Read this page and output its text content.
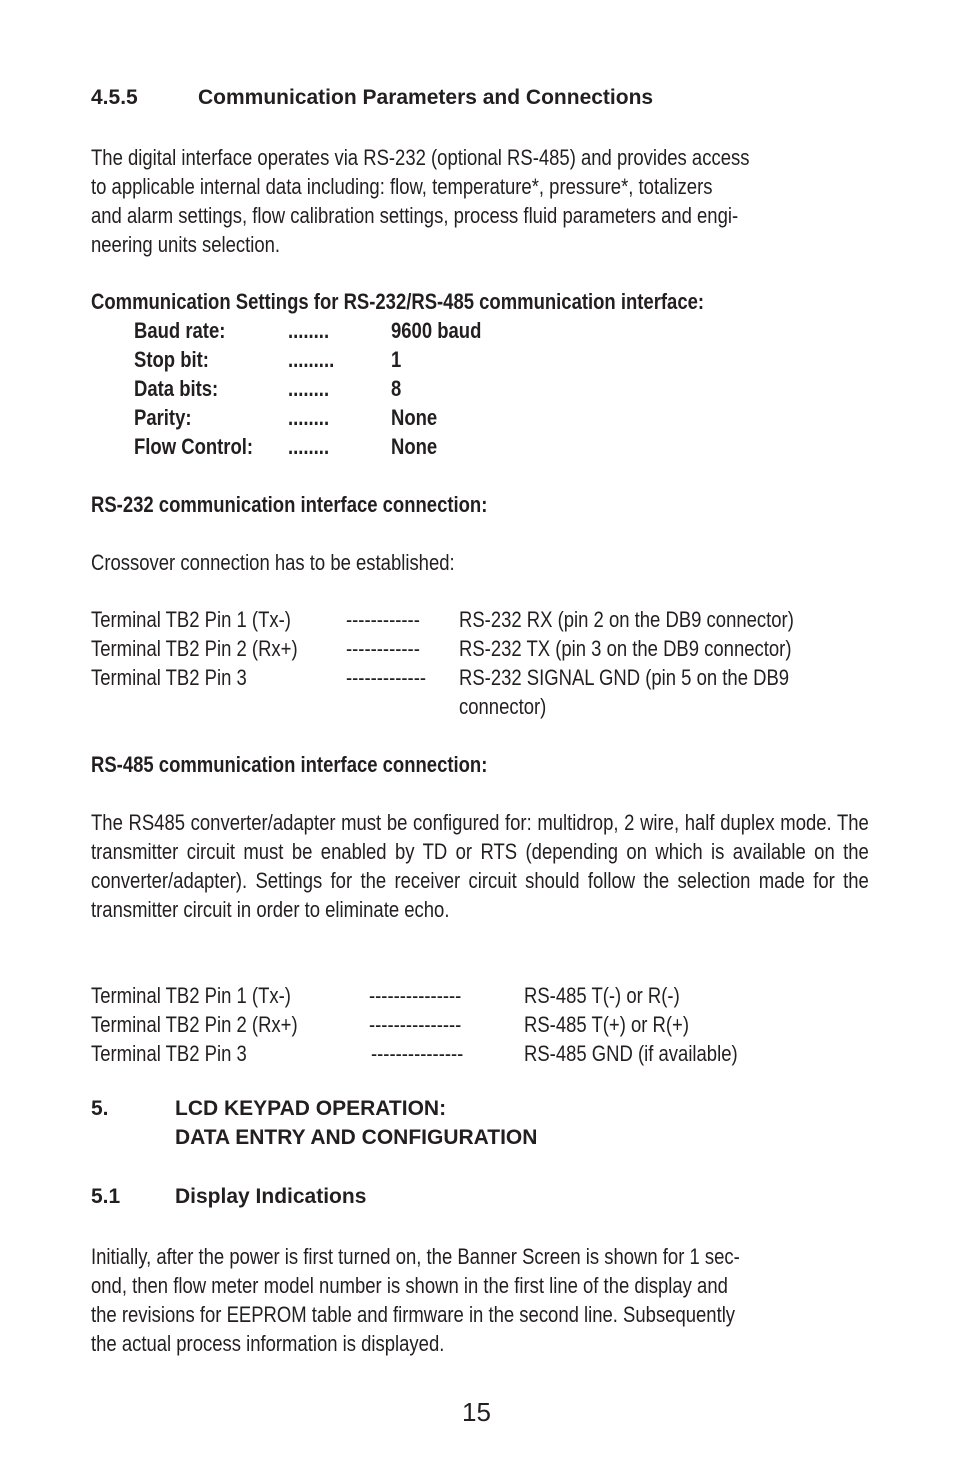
4.5.5	Communication Parameters and Connections
The digital interface operates via RS-232 (optional RS-485) and provides access
to applicable internal data including: flow, temperature*, pressure*, totalizers
and alarm settings, flow calibration settings, process fluid parameters and engi-
neering units selection.
Communication Settings for RS-232/RS-485 communication interface:
Baud rate:	........	9600 baud
Stop bit:	.........	1
Data bits:	........	8
Parity:	........	None
Flow Control: ........	None
RS-232 communication interface connection:
Crossover connection has to be established:
Terminal TB2 Pin 1 (Tx-)	------------ RS-232 RX (pin 2 on the DB9 connector)
Terminal TB2 Pin 2 (Rx+) ------------ RS-232 TX (pin 3 on the DB9 connector)
Terminal TB2 Pin 3	------------- RS-232 SIGNAL GND (pin 5 on the DB9
connector)
RS-485 communication interface connection:
The RS485 converter/adapter must be configured for: multidrop, 2 wire, half duplex mode. The transmitter circuit must be enabled by TD or RTS (depending on which is available on the converter/adapter). Settings for the receiver circuit should follow the selection made for the transmitter circuit in order to eliminate echo.
Terminal TB2 Pin 1 (Tx-)	---------------	RS-485 T(-) or R(-)
Terminal TB2 Pin 2 (Rx+)	---------------	RS-485 T(+) or R(+)
Terminal TB2 Pin 3	---------------	RS-485 GND (if available)
5.	LCD KEYPAD OPERATION:
DATA ENTRY AND CONFIGURATION
5.1	Display Indications
Initially, after the power is first turned on, the Banner Screen is shown for 1 sec-
ond, then flow meter model number is shown in the first line of the display and
the revisions for EEPROM table and firmware in the second line. Subsequently
the actual process information is displayed.
15
